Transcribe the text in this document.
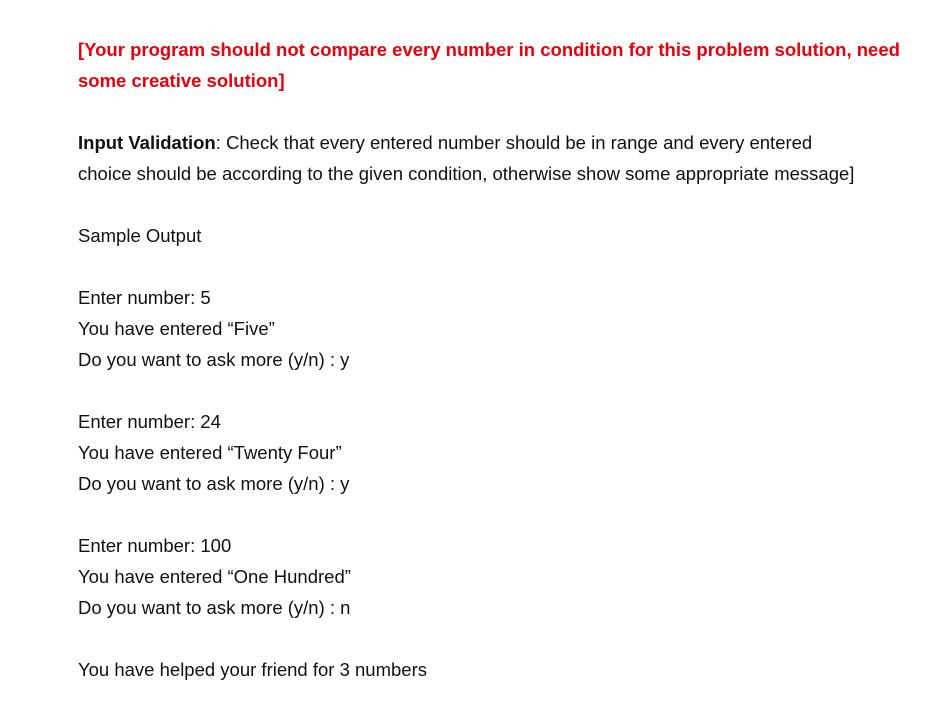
[Your program should not compare every number in condition for this problem solution, need
some creative solution]
Input Validation: Check that every entered number should be in range and every entered
choice should be according to the given condition, otherwise show some appropriate message]
Sample Output
Enter number: 5
You have entered “Five”
Do you want to ask more (y/n) : y
Enter number: 24
You have entered “Twenty Four”
Do you want to ask more (y/n) : y
Enter number: 100
You have entered “One Hundred”
Do you want to ask more (y/n) : n
You have helped your friend for 3 numbers
